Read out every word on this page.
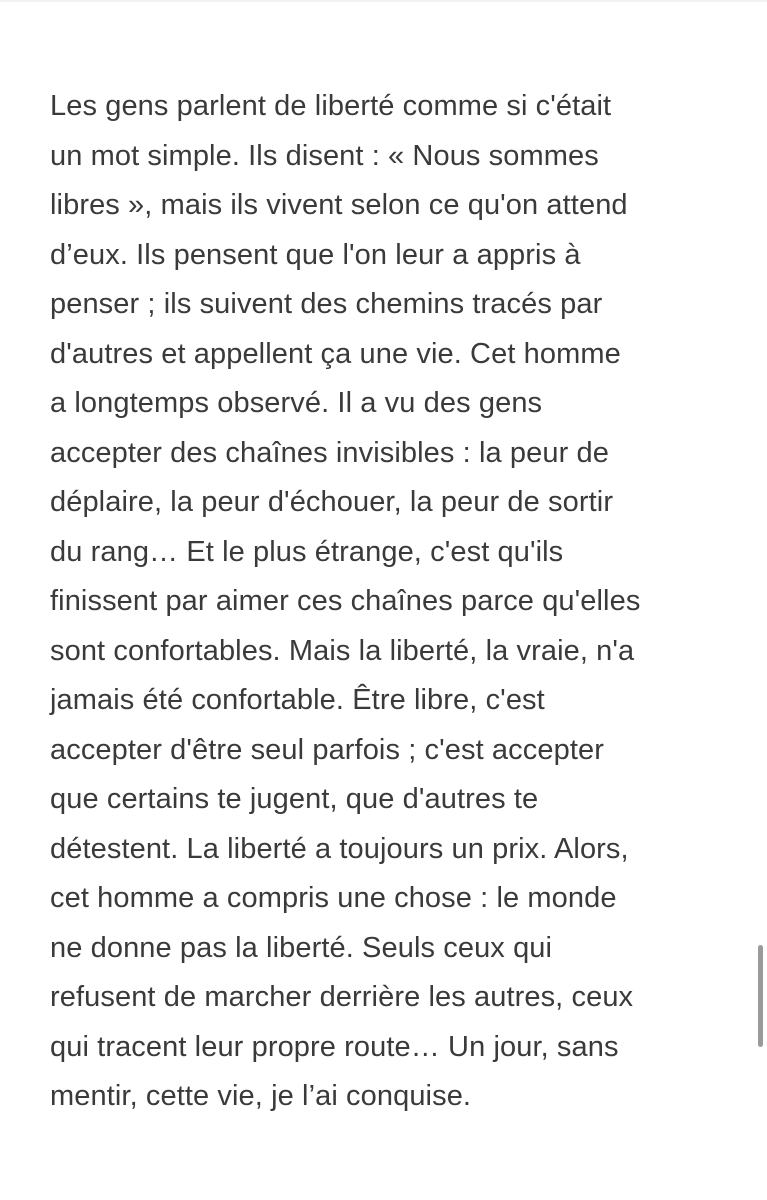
Les gens parlent de liberté comme si c'était
un mot simple. Ils disent : « Nous sommes
libres », mais ils vivent selon ce qu'on attend
d’eux. Ils pensent que l'on leur a appris à
penser ; ils suivent des chemins tracés par
d'autres et appellent ça une vie. Cet homme
a longtemps observé. Il a vu des gens
accepter des chaînes invisibles : la peur de
déplaire, la peur d'échouer, la peur de sortir
du rang… Et le plus étrange, c'est qu'ils
finissent par aimer ces chaînes parce qu'elles
sont confortables. Mais la liberté, la vraie, n'a
jamais été confortable. Être libre, c'est
accepter d'être seul parfois ; c'est accepter
que certains te jugent, que d'autres te
détestent. La liberté a toujours un prix. Alors,
cet homme a compris une chose : le monde
ne donne pas la liberté. Seuls ceux qui
refusent de marcher derrière les autres, ceux
qui tracent leur propre route… Un jour, sans
mentir, cette vie, je l’ai conquise.
